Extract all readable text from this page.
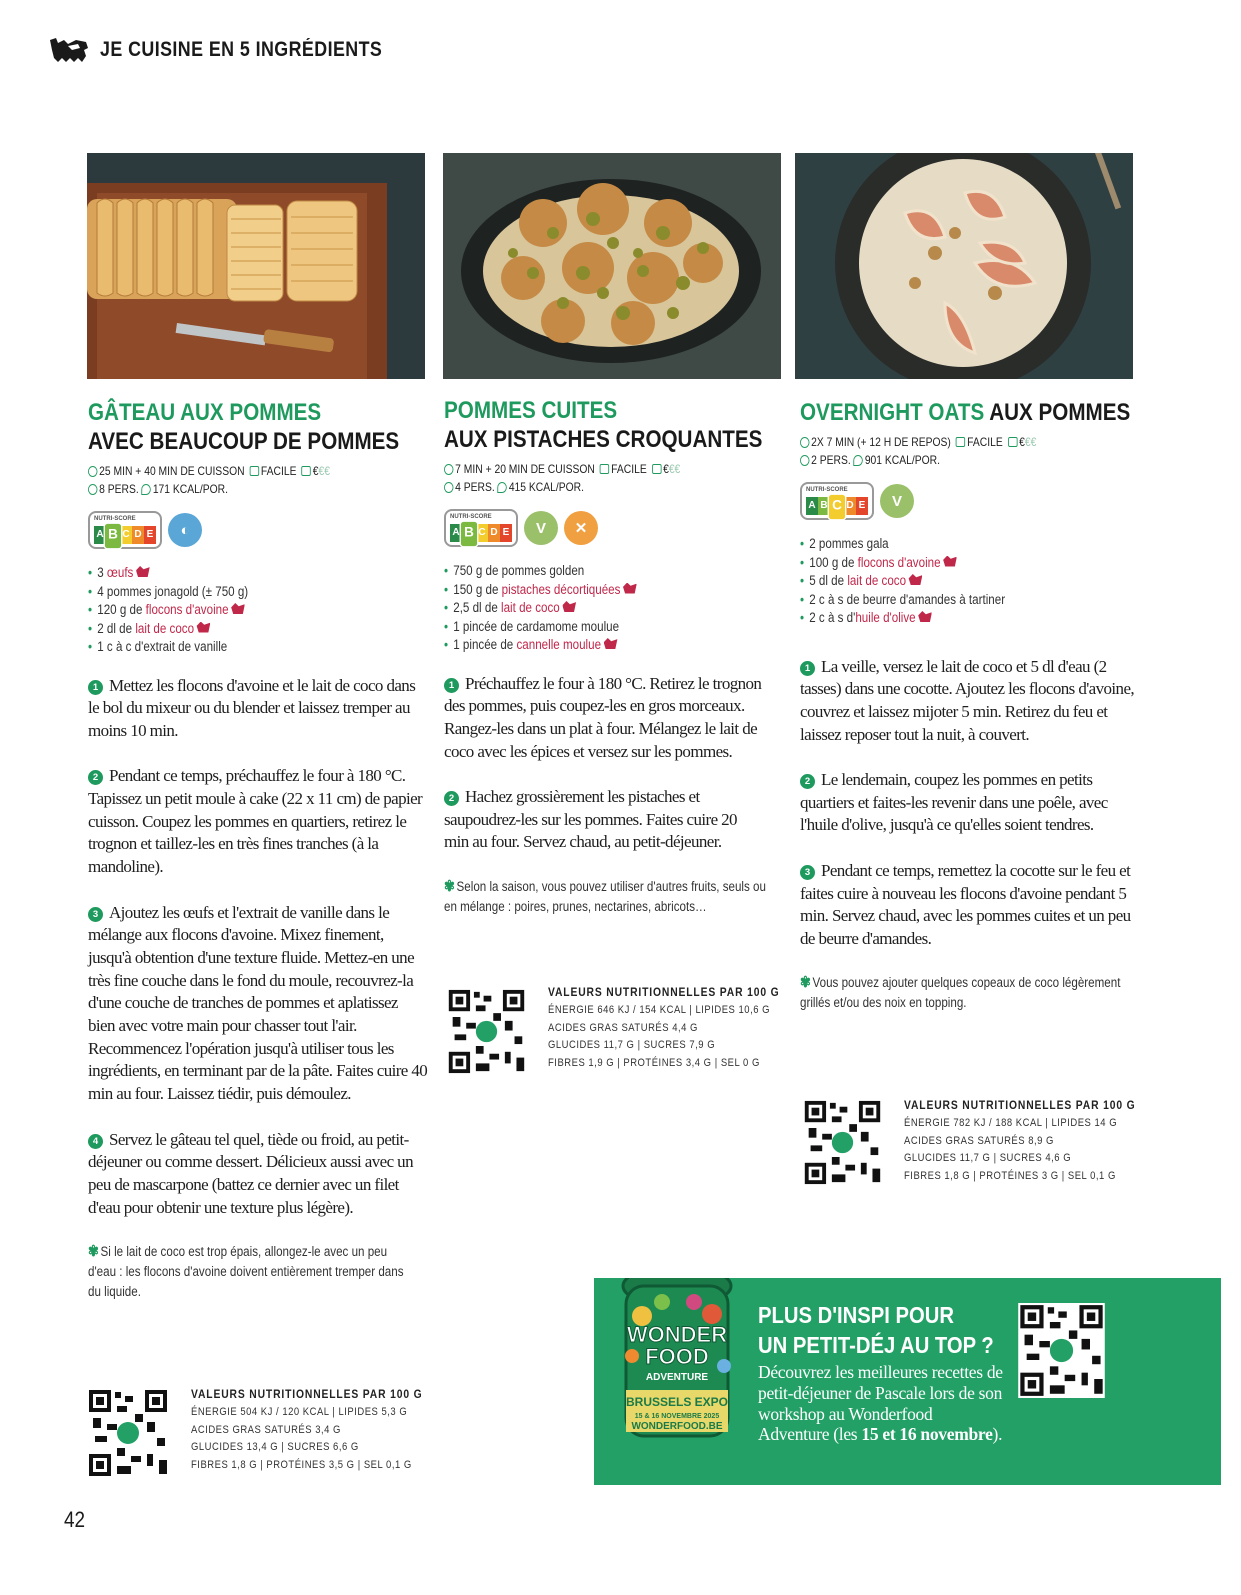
JE CUISINE EN 5 INGRÉDIENTS
GÂTEAU AUX POMMES
AVEC BEAUCOUP DE POMMES
25 MIN + 40 MIN DE CUISSON FACILE €€€
8 PERS. 171 KCAL/POR.
NUTRI-SCORE
A B C D E	◐
• 3 œufs
• 4 pommes jonagold (± 750 g)
• 120 g de flocons d'avoine
• 2 dl de lait de coco
• 1 c à c d'extrait de vanille
1 Mettez les flocons d'avoine et le lait de coco dans le bol du mixeur ou du blender et laissez tremper au moins 10 min.
2 Pendant ce temps, préchauffez le four à 180 °C. Tapissez un petit moule à cake (22 x 11 cm) de papier cuisson. Coupez les pommes en quartiers, retirez le trognon et taillez-les en très fines tranches (à la mandoline).
3 Ajoutez les œufs et l'extrait de vanille dans le mélange aux flocons d'avoine. Mixez finement, jusqu'à obtention d'une texture fluide. Mettez-en une très fine couche dans le fond du moule, recouvrez-la d'une couche de tranches de pommes et aplatissez bien avec votre main pour chasser tout l'air. Recommencez l'opération jusqu'à utiliser tous les ingrédients, en terminant par de la pâte. Faites cuire 40 min au four. Laissez tiédir, puis démoulez.
4 Servez le gâteau tel quel, tiède ou froid, au petit-déjeuner ou comme dessert. Délicieux aussi avec un peu de mascarpone (battez ce dernier avec un filet d'eau pour obtenir une texture plus légère).
✾ Si le lait de coco est trop épais, allongez-le avec un peu d'eau : les flocons d'avoine doivent entièrement tremper dans du liquide.
POMMES CUITES
AUX PISTACHES CROQUANTES
7 MIN + 20 MIN DE CUISSON FACILE €€€
4 PERS. 415 KCAL/POR.
NUTRI-SCORE
A B C D E	V	✕
• 750 g de pommes golden
• 150 g de pistaches décortiquées
• 2,5 dl de lait de coco
• 1 pincée de cardamome moulue
• 1 pincée de cannelle moulue
1 Préchauffez le four à 180 °C. Retirez le trognon des pommes, puis coupez-les en gros morceaux. Rangez-les dans un plat à four. Mélangez le lait de coco avec les épices et versez sur les pommes.
2 Hachez grossièrement les pistaches et saupoudrez-les sur les pommes. Faites cuire 20 min au four. Servez chaud, au petit-déjeuner.
✾ Selon la saison, vous pouvez utiliser d'autres fruits, seuls ou en mélange : poires, prunes, nectarines, abricots…
OVERNIGHT OATS AUX POMMES
2X 7 MIN (+ 12 H DE REPOS) FACILE €€€
2 PERS. 901 KCAL/POR.
NUTRI-SCORE
A B C D E	V
• 2 pommes gala
• 100 g de flocons d'avoine
• 5 dl de lait de coco
• 2 c à s de beurre d'amandes à tartiner
• 2 c à s d'huile d'olive
1 La veille, versez le lait de coco et 5 dl d'eau (2 tasses) dans une cocotte. Ajoutez les flocons d'avoine, couvrez et laissez mijoter 5 min. Retirez du feu et laissez reposer tout la nuit, à couvert.
2 Le lendemain, coupez les pommes en petits quartiers et faites-les revenir dans une poêle, avec l'huile d'olive, jusqu'à ce qu'elles soient tendres.
3 Pendant ce temps, remettez la cocotte sur le feu et faites cuire à nouveau les flocons d'avoine pendant 5 min. Servez chaud, avec les pommes cuites et un peu de beurre d'amandes.
✾ Vous pouvez ajouter quelques copeaux de coco légèrement grillés et/ou des noix en topping.
VALEURS NUTRITIONNELLES PAR 100 G
ÉNERGIE 504 KJ / 120 KCAL | LIPIDES 5,3 G
ACIDES GRAS SATURÉS 3,4 G
GLUCIDES 13,4 G | SUCRES 6,6 G
FIBRES 1,8 G | PROTÉINES 3,5 G | SEL 0,1 G
VALEURS NUTRITIONNELLES PAR 100 G
ÉNERGIE 646 KJ / 154 KCAL | LIPIDES 10,6 G
ACIDES GRAS SATURÉS 4,4 G
GLUCIDES 11,7 G | SUCRES 7,9 G
FIBRES 1,9 G | PROTÉINES 3,4 G | SEL 0 G
VALEURS NUTRITIONNELLES PAR 100 G
ÉNERGIE 782 KJ / 188 KCAL | LIPIDES 14 G
ACIDES GRAS SATURÉS 8,9 G
GLUCIDES 11,7 G | SUCRES 4,6 G
FIBRES 1,8 G | PROTÉINES 3 G | SEL 0,1 G
WONDER
FOOD
ADVENTURE
BRUSSELS EXPO
15 & 16 NOVEMBRE 2025
WONDERFOOD.BE
PLUS D'INSPI POUR
UN PETIT-DÉJ AU TOP ?
Découvrez les meilleures recettes de petit-déjeuner de Pascale lors de son workshop au Wonderfood Adventure (les 15 et 16 novembre).
42
